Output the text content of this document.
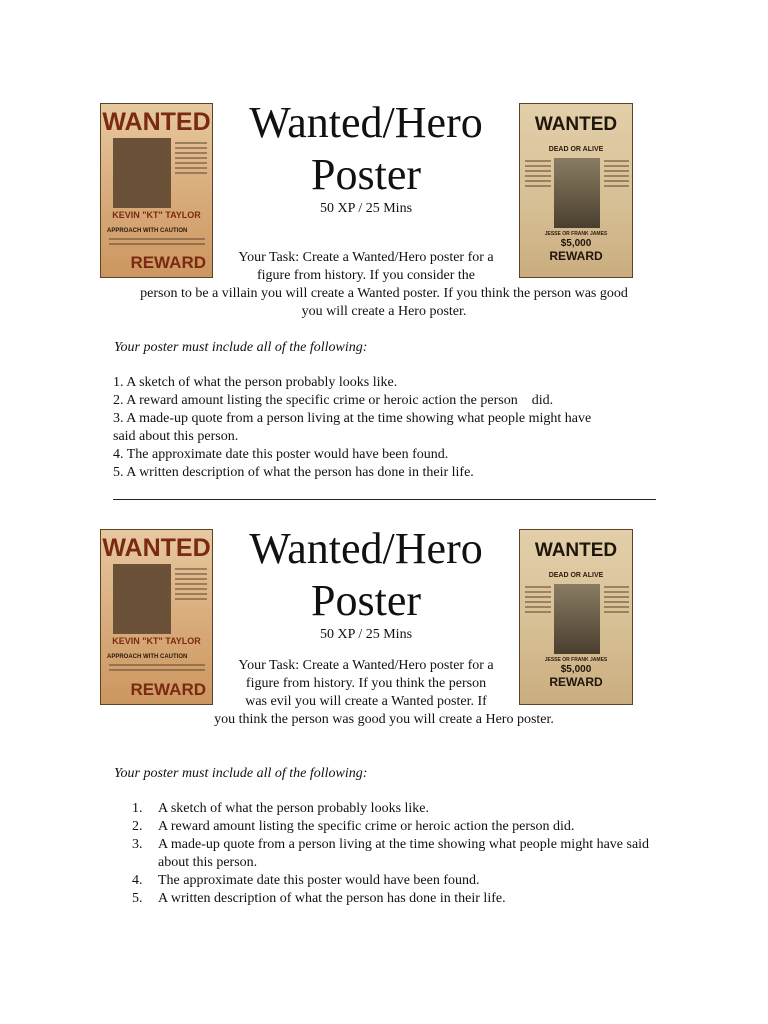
WANTED
KEVIN "KT" TAYLOR
APPROACH WITH CAUTION
REWARD
Wanted/Hero
Poster
50 XP / 25 Mins
WANTED
DEAD OR ALIVE
JESSE OR FRANK JAMES
$5,000
REWARD
Your Task: Create a Wanted/Hero poster for a
figure from history. If you consider the
person to be a villain you will create a Wanted poster. If you think the person was good
you will create a Hero poster.
Your poster must include all of the following:
1. A sketch of what the person probably looks like.
2. A reward amount listing the specific crime or heroic action the person    did.
3. A made-up quote from a person living at the time showing what people might have
said about this person.
4. The approximate date this poster would have been found.
5. A written description of what the person has done in their life.
WANTED
KEVIN "KT" TAYLOR
APPROACH WITH CAUTION
REWARD
Wanted/Hero
Poster
50 XP / 25 Mins
WANTED
DEAD OR ALIVE
JESSE OR FRANK JAMES
$5,000
REWARD
Your Task: Create a Wanted/Hero poster for a
figure from history. If you think the person
was evil you will create a Wanted poster. If
you think the person was good you will create a Hero poster.
Your poster must include all of the following:
1.	A sketch of what the person probably looks like.
2.	A reward amount listing the specific crime or heroic action the person did.
3.	A made-up quote from a person living at the time showing what people might have said about this person.
4.	The approximate date this poster would have been found.
5.	A written description of what the person has done in their life.
